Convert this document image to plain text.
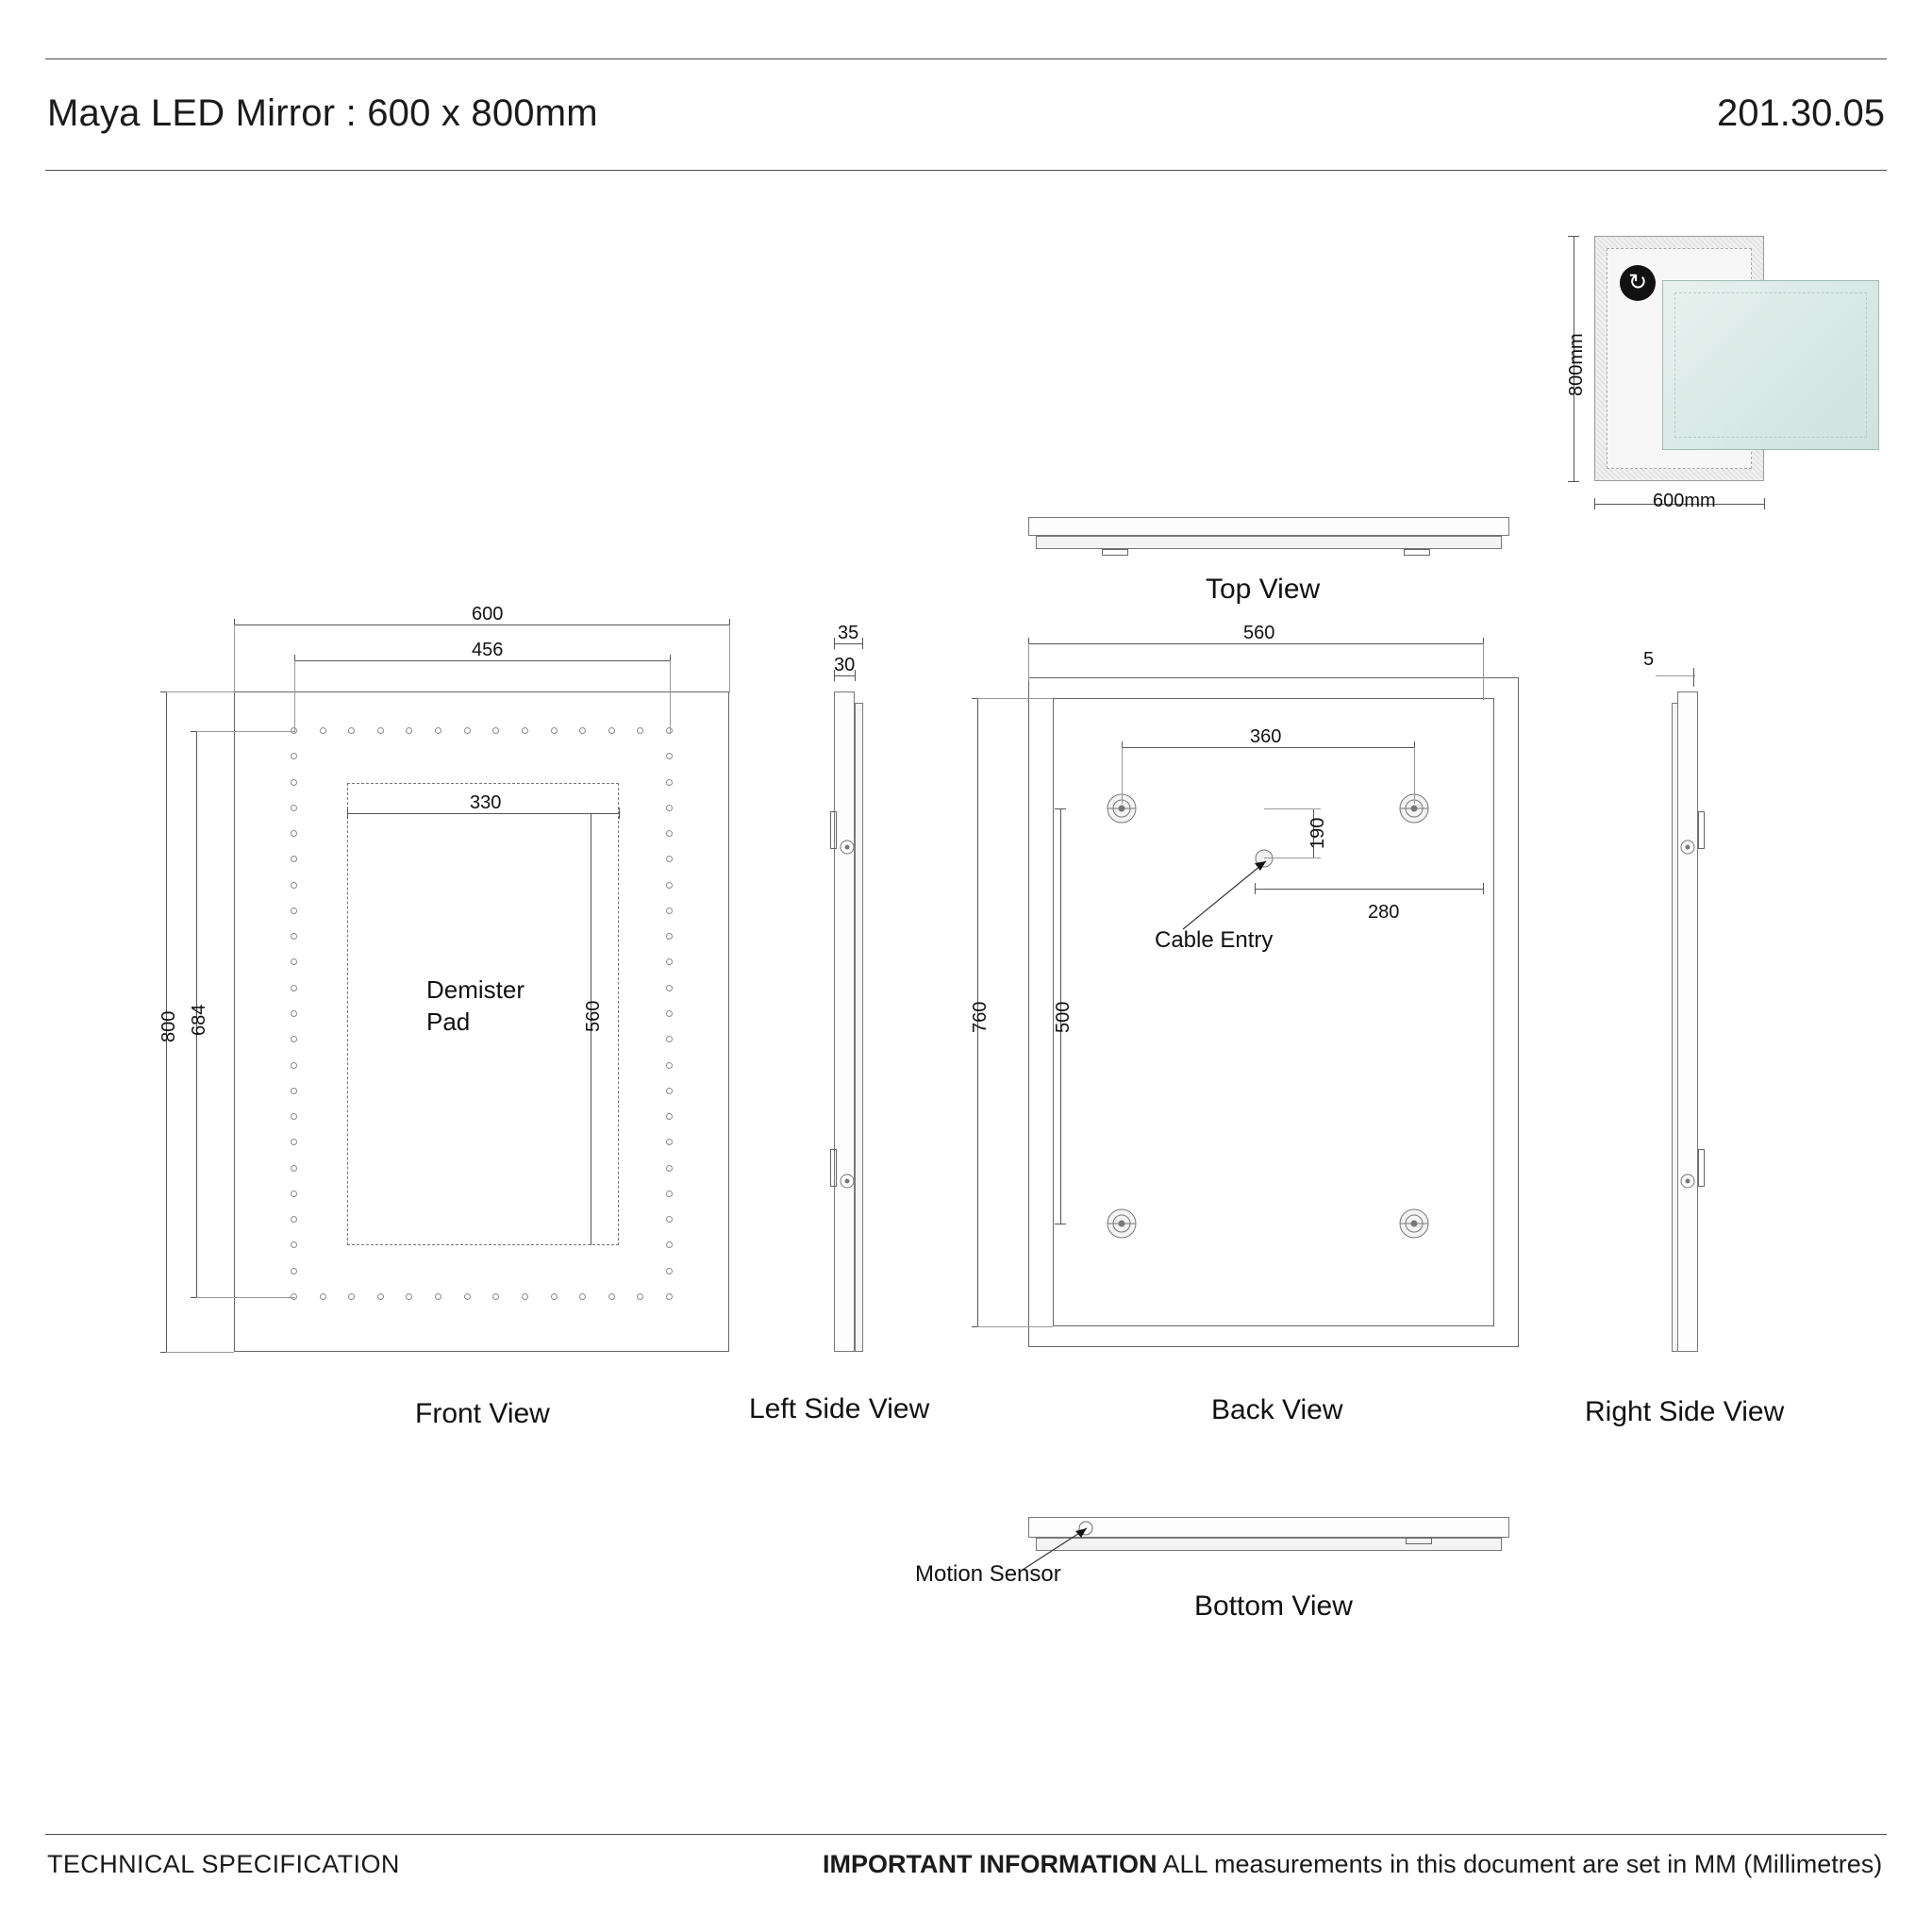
Maya LED Mirror : 600 x 800mm	201.30.05
↻
800mm
600mm
Top View
Demister
Pad
600
456
800 684
330
560
Front View
35
30
Left Side View
Cable Entry
560
760
360
190
500
280
Back View
5
Right Side View
Motion Sensor
Bottom View
TECHNICAL SPECIFICATION	IMPORTANT INFORMATION ALL measurements in this document are set in MM (Millimetres)
